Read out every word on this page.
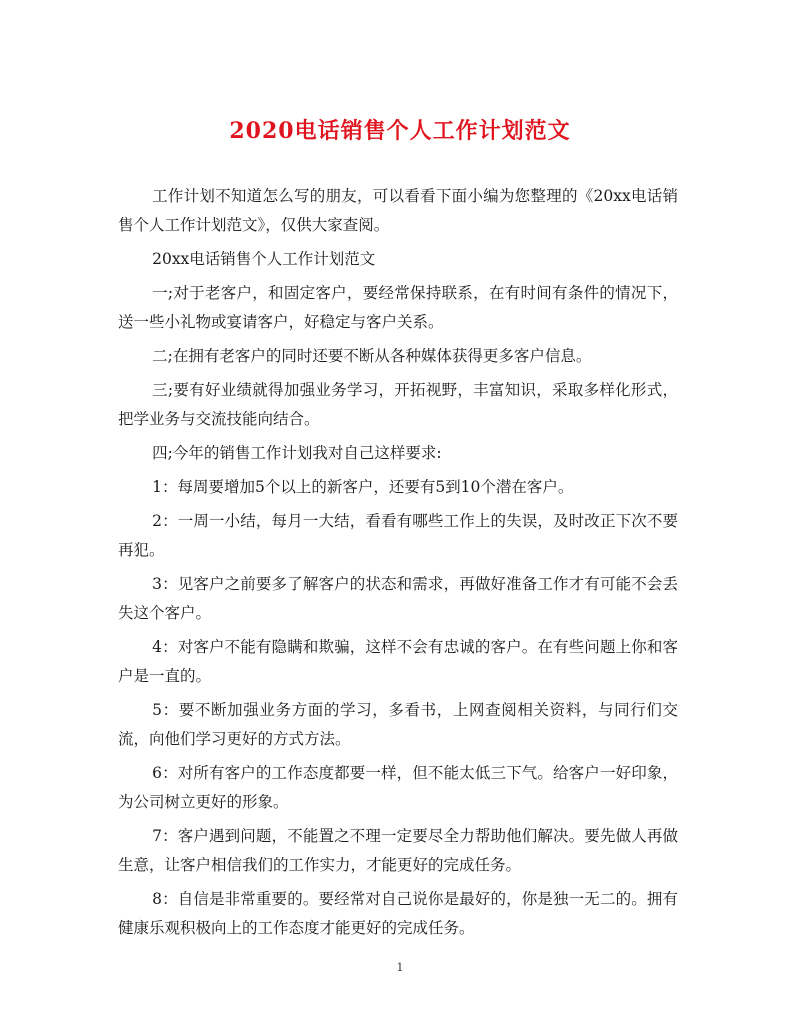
2020电话销售个人工作计划范文

工作计划不知道怎么写的朋友，可以看看下面小编为您整理的《20xx电话销售个人工作计划范文》，仅供大家查阅。

20xx电话销售个人工作计划范文

一;对于老客户，和固定客户，要经常保持联系，在有时间有条件的情况下，送一些小礼物或宴请客户，好稳定与客户关系。

二;在拥有老客户的同时还要不断从各种媒体获得更多客户信息。

三;要有好业绩就得加强业务学习，开拓视野，丰富知识，采取多样化形式，把学业务与交流技能向结合。

四;今年的销售工作计划我对自己这样要求:

1：每周要增加5个以上的新客户，还要有5到10个潜在客户。

2：一周一小结，每月一大结，看看有哪些工作上的失误，及时改正下次不要再犯。

3：见客户之前要多了解客户的状态和需求，再做好准备工作才有可能不会丢失这个客户。

4：对客户不能有隐瞒和欺骗，这样不会有忠诚的客户。在有些问题上你和客户是一直的。

5：要不断加强业务方面的学习，多看书，上网查阅相关资料，与同行们交流，向他们学习更好的方式方法。

6：对所有客户的工作态度都要一样，但不能太低三下气。给客户一好印象，为公司树立更好的形象。

7：客户遇到问题，不能置之不理一定要尽全力帮助他们解决。要先做人再做生意，让客户相信我们的工作实力，才能更好的完成任务。

8：自信是非常重要的。要经常对自己说你是最好的，你是独一无二的。拥有健康乐观积极向上的工作态度才能更好的完成任务。

1
